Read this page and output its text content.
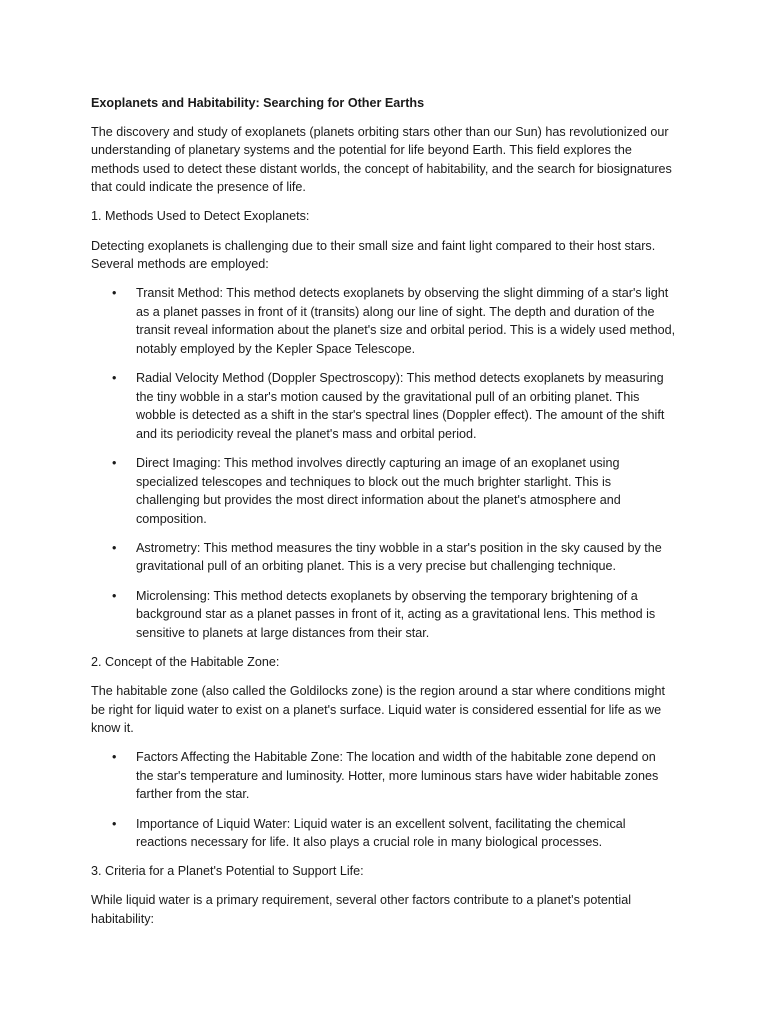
Exoplanets and Habitability: Searching for Other Earths

The discovery and study of exoplanets (planets orbiting stars other than our Sun) has revolutionized our understanding of planetary systems and the potential for life beyond Earth. This field explores the methods used to detect these distant worlds, the concept of habitability, and the search for biosignatures that could indicate the presence of life.

1. Methods Used to Detect Exoplanets:

Detecting exoplanets is challenging due to their small size and faint light compared to their host stars. Several methods are employed:

• Transit Method: This method detects exoplanets by observing the slight dimming of a star's light as a planet passes in front of it (transits) along our line of sight. The depth and duration of the transit reveal information about the planet's size and orbital period. This is a widely used method, notably employed by the Kepler Space Telescope.
• Radial Velocity Method (Doppler Spectroscopy): This method detects exoplanets by measuring the tiny wobble in a star's motion caused by the gravitational pull of an orbiting planet. This wobble is detected as a shift in the star's spectral lines (Doppler effect). The amount of the shift and its periodicity reveal the planet's mass and orbital period.
• Direct Imaging: This method involves directly capturing an image of an exoplanet using specialized telescopes and techniques to block out the much brighter starlight. This is challenging but provides the most direct information about the planet's atmosphere and composition.
• Astrometry: This method measures the tiny wobble in a star's position in the sky caused by the gravitational pull of an orbiting planet. This is a very precise but challenging technique.
• Microlensing: This method detects exoplanets by observing the temporary brightening of a background star as a planet passes in front of it, acting as a gravitational lens. This method is sensitive to planets at large distances from their star.

2. Concept of the Habitable Zone:

The habitable zone (also called the Goldilocks zone) is the region around a star where conditions might be right for liquid water to exist on a planet's surface. Liquid water is considered essential for life as we know it.

• Factors Affecting the Habitable Zone: The location and width of the habitable zone depend on the star's temperature and luminosity. Hotter, more luminous stars have wider habitable zones farther from the star.
• Importance of Liquid Water: Liquid water is an excellent solvent, facilitating the chemical reactions necessary for life. It also plays a crucial role in many biological processes.

3. Criteria for a Planet's Potential to Support Life:

While liquid water is a primary requirement, several other factors contribute to a planet's potential habitability:
